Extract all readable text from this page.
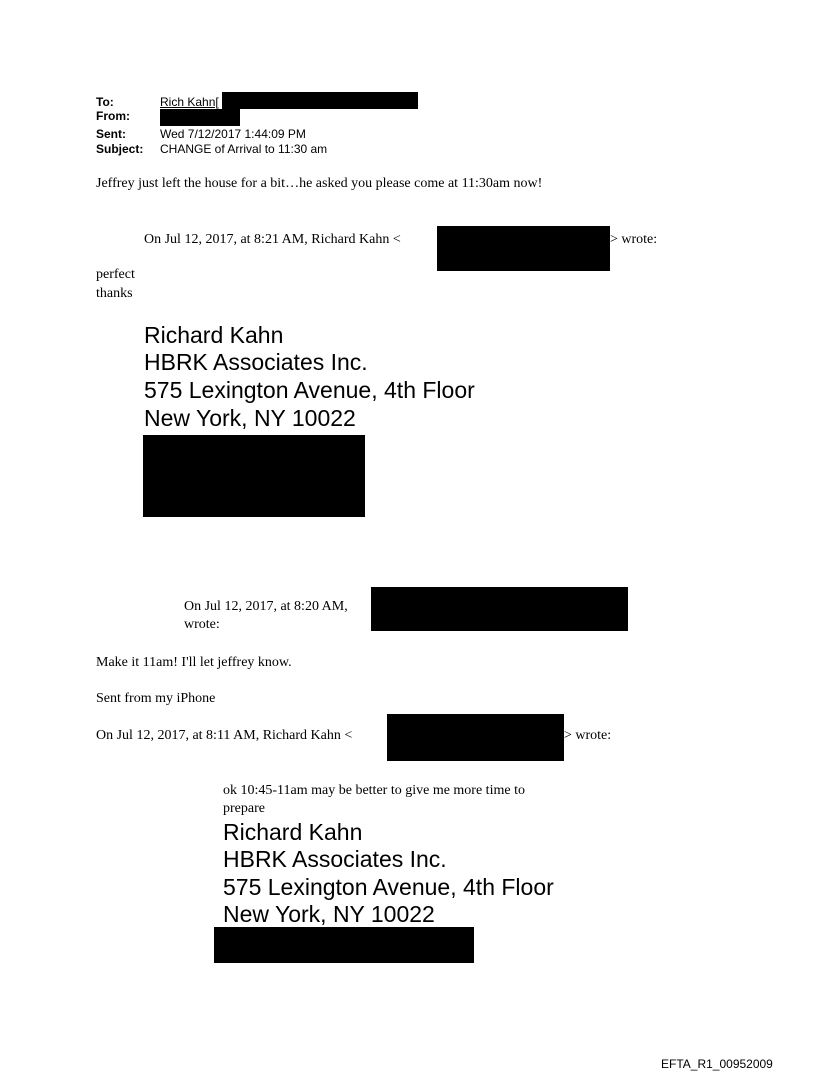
To:	Rich Kahn[
From:
Sent:	Wed 7/12/2017 1:44:09 PM
Subject: CHANGE of Arrival to 11:30 am
Jeffrey just left the house for a bit…he asked you please come at 11:30am now!
On Jul 12, 2017, at 8:21 AM, Richard Kahn <	> wrote:
perfect
thanks
Richard Kahn
HBRK Associates Inc.
575 Lexington Avenue, 4th Floor
New York, NY 10022
On Jul 12, 2017, at 8:20 AM,
wrote:
Make it 11am! I'll let jeffrey know.
Sent from my iPhone
On Jul 12, 2017, at 8:11 AM, Richard Kahn <	> wrote:
ok 10:45-11am may be better to give me more time to
prepare
Richard Kahn
HBRK Associates Inc.
575 Lexington Avenue, 4th Floor
New York, NY 10022
EFTA_R1_00952009
